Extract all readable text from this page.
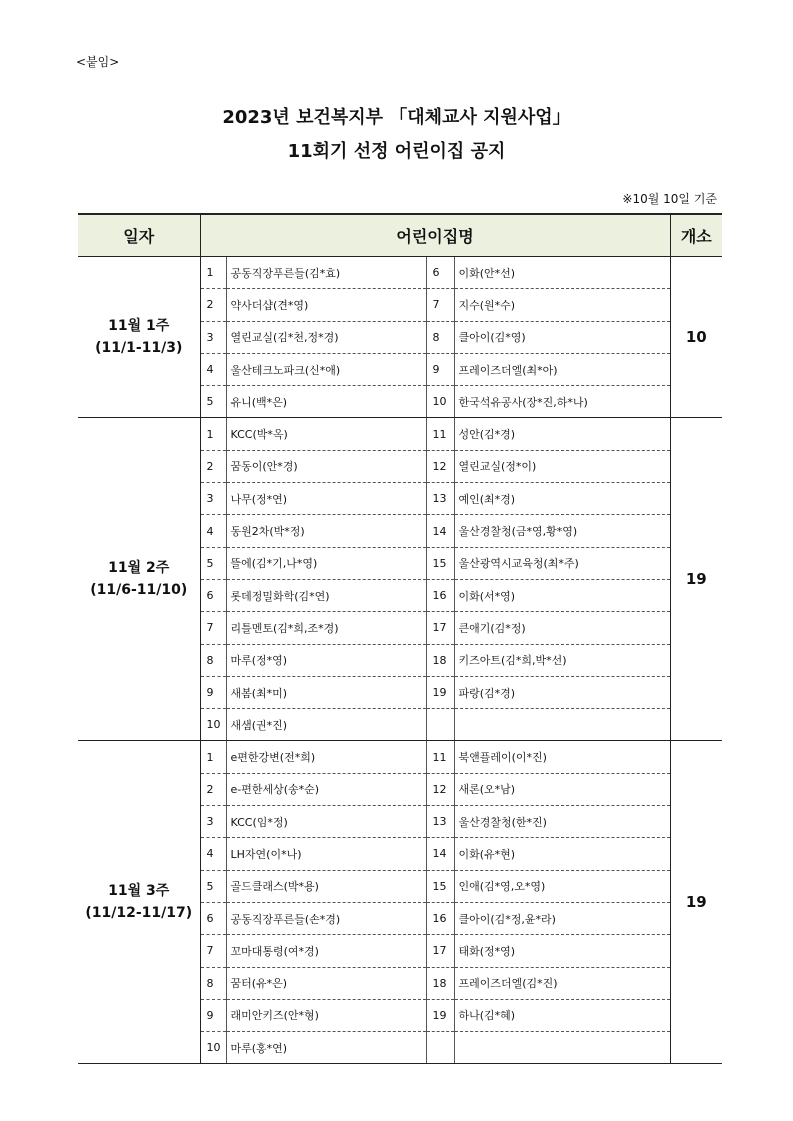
<붙임>
2023년 보건복지부 「대체교사 지원사업」
11회기 선정 어린이집 공지
※10월 10일 기준
일자	어린이집명				개소

11월 1주
(11/1-11/3)	1	공동직장푸른들(김*효)	6	이화(안*선)	10
	2	약사더샵(견*영)	7	지수(원*수)	
	3	열린교실(김*천,정*경)	8	클아이(김*영)	
	4	울산테크노파크(신*애)	9	프레이즈더엘(최*아)	
	5	유니(백*은)	10	한국석유공사(장*진,하*나)	

11월 2주
(11/6-11/10)	1	KCC(박*옥)	11	성안(김*경)	19
	2	꿈동이(안*경)	12	열린교실(정*이)	
	3	나무(정*연)	13	예인(최*경)	
	4	동원2차(박*정)	14	울산경찰청(금*영,황*영)	
	5	뜰에(김*기,나*영)	15	울산광역시교육청(최*주)	
	6	롯데정밀화학(김*연)	16	이화(서*영)	
	7	리틀멘토(김*희,조*경)	17	큰애기(김*정)	
	8	마루(정*영)	18	키즈아트(김*희,박*선)	
	9	새봄(최*미)	19	파랑(김*경)	
	10	새샘(권*진)			

11월 3주
(11/12-11/17)	1	e편한강변(전*희)	11	북앤플레이(이*진)	19
	2	e-편한세상(송*순)	12	새론(오*남)	
	3	KCC(임*정)	13	울산경찰청(한*진)	
	4	LH자연(이*나)	14	이화(유*현)	
	5	골드클래스(박*용)	15	인애(김*영,오*영)	
	6	공동직장푸른들(손*경)	16	클아이(김*정,윤*라)	
	7	꼬마대통령(여*경)	17	태화(정*영)	
	8	꿈터(유*은)	18	프레이즈더엘(김*진)	
	9	래미안키즈(안*형)	19	하나(김*혜)	
	10	마루(홍*연)			
